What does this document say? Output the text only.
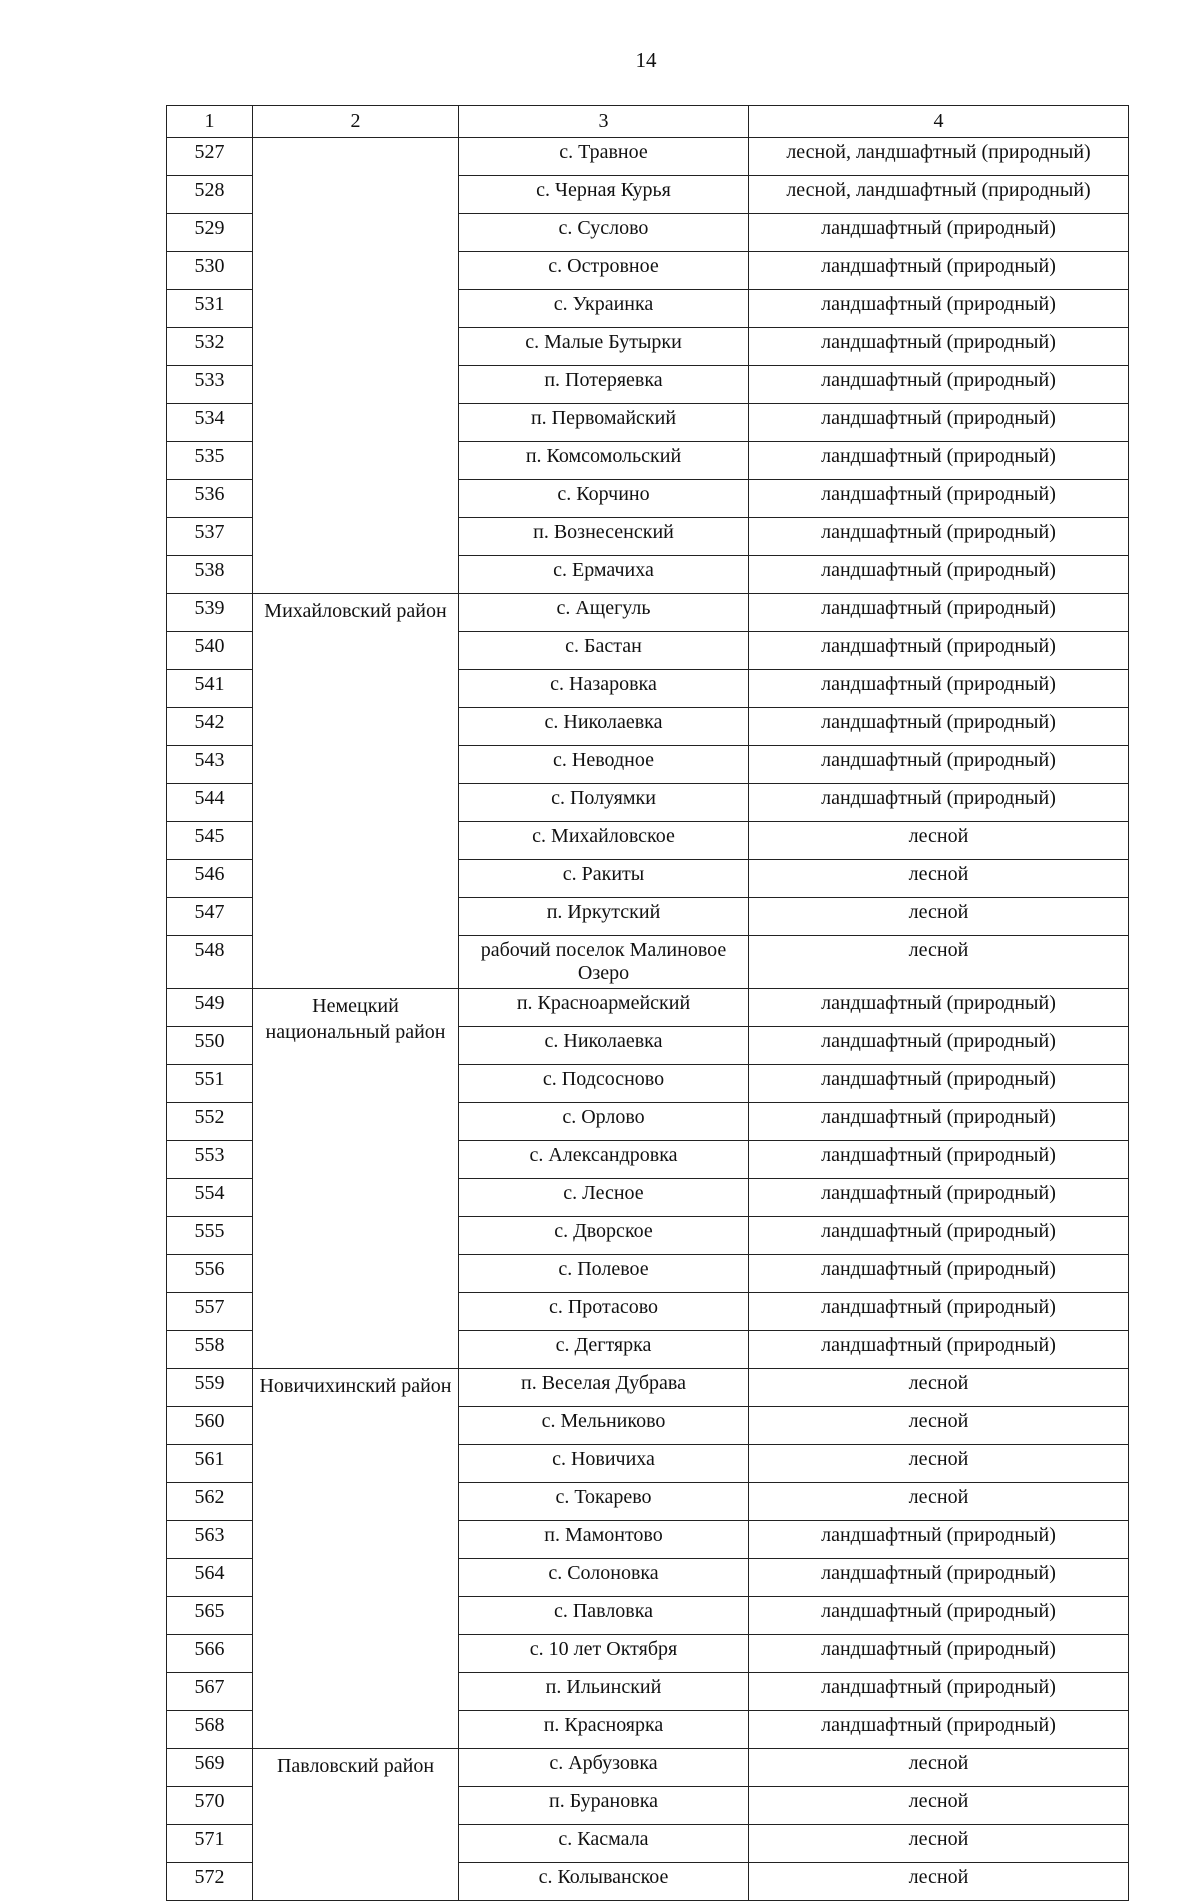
14
1	2	3	4
527		с. Травное	лесной, ландшафтный (природный)
528		с. Черная Курья	лесной, ландшафтный (природный)
529		с. Суслово	ландшафтный (природный)
530		с. Островное	ландшафтный (природный)
531		с. Украинка	ландшафтный (природный)
532		с. Малые Бутырки	ландшафтный (природный)
533		п. Потеряевка	ландшафтный (природный)
534		п. Первомайский	ландшафтный (природный)
535		п. Комсомольский	ландшафтный (природный)
536		с. Корчино	ландшафтный (природный)
537		п. Вознесенский	ландшафтный (природный)
538		с. Ермачиха	ландшафтный (природный)
539	Михайловский район	с. Ащегуль	ландшафтный (природный)
540		с. Бастан	ландшафтный (природный)
541		с. Назаровка	ландшафтный (природный)
542		с. Николаевка	ландшафтный (природный)
543		с. Неводное	ландшафтный (природный)
544		с. Полуямки	ландшафтный (природный)
545		с. Михайловское	лесной
546		с. Ракиты	лесной
547		п. Иркутский	лесной
548		рабочий поселок Малиновое Озеро	лесной
549	Немецкий национальный район	п. Красноармейский	ландшафтный (природный)
550		с. Николаевка	ландшафтный (природный)
551		с. Подсосново	ландшафтный (природный)
552		с. Орлово	ландшафтный (природный)
553		с. Александровка	ландшафтный (природный)
554		с. Лесное	ландшафтный (природный)
555		с. Дворское	ландшафтный (природный)
556		с. Полевое	ландшафтный (природный)
557		с. Протасово	ландшафтный (природный)
558		с. Дегтярка	ландшафтный (природный)
559	Новичихинский район	п. Веселая Дубрава	лесной
560		с. Мельниково	лесной
561		с. Новичиха	лесной
562		с. Токарево	лесной
563		п. Мамонтово	ландшафтный (природный)
564		с. Солоновка	ландшафтный (природный)
565		с. Павловка	ландшафтный (природный)
566		с. 10 лет Октября	ландшафтный (природный)
567		п. Ильинский	ландшафтный (природный)
568		п. Красноярка	ландшафтный (природный)
569	Павловский район	с. Арбузовка	лесной
570		п. Бурановка	лесной
571		с. Касмала	лесной
572		с. Колыванское	лесной
